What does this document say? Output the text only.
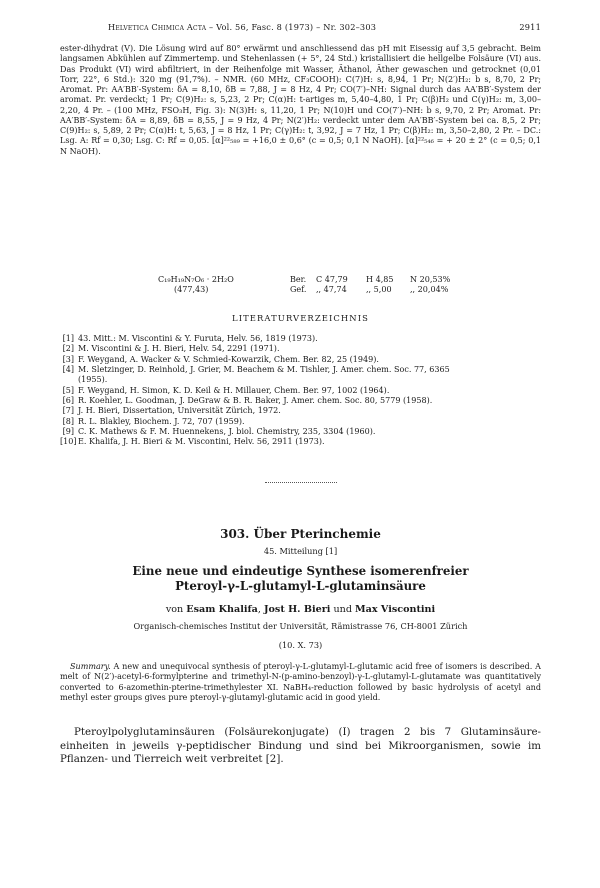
Helvetica Chimica Acta – Vol. 56, Fasc. 8 (1973) – Nr. 302–303	2911

ester-dihydrat (V). Die Lösung wird auf 80° erwärmt und anschliessend das pH mit Eisessig auf 3,5 gebracht. Beim langsamen Abkühlen auf Zimmertemp. und Stehenlassen (+ 5°, 24 Std.) kristallisiert die hellgelbe Folsäure (VI) aus. Das Produkt (VI) wird abfiltriert, in der Reihenfolge mit Wasser, Äthanol, Äther gewaschen und getrocknet (0,01 Torr, 22°, 6 Std.): 320 mg (91,7%). – NMR. (60 MHz, CF₃COOH): C(7)H: s, 8,94, 1 Pr; N(2′)H₂: b s, 8,70, 2 Pr; Aromat. Pr: AA′BB′-System: δA = 8,10, δB = 7,88, J = 8 Hz, 4 Pr; CO(7′)–NH: Signal durch das AA′BB′-System der aromat. Pr. verdeckt; 1 Pr; C(9)H₂: s, 5,23, 2 Pr; C(α)H: t-artiges m, 5,40–4,80, 1 Pr; C(β)H₂ und C(γ)H₂: m, 3,00–2,20, 4 Pr. – (100 MHz, FSO₃H, Fig. 3): N(3)H: s, 11,20, 1 Pr; N(10)H und CO(7′)–NH: b s, 9,70, 2 Pr; Aromat. Pr: AA′BB′-System: δA = 8,89, δB = 8,55, J = 9 Hz, 4 Pr; N(2′)H₂: verdeckt unter dem AA′BB′-System bei ca. 8,5, 2 Pr; C(9)H₂: s, 5,89, 2 Pr; C(α)H: t, 5,63, J = 8 Hz, 1 Pr; C(γ)H₂: t, 3,92, J = 7 Hz, 1 Pr; C(β)H₂: m, 3,50–2,80, 2 Pr. – DC.: Lsg. A: Rf = 0,30; Lsg. C: Rf = 0,05. [α]²²₅₈₉ = +16,0 ± 0,6° (c = 0,5; 0,1 N NaOH). [α]²²₅₄₆ = + 20 ± 2° (c = 0,5; 0,1 N NaOH).

C₁₉H₁₉N₇O₆ · 2H₂O	Ber. C 47,79 H 4,85 N 20,53%
(477,43)	Gef. ,, 47,74 ,, 5,00 ,, 20,04%
LITERATURVERZEICHNIS
[1] 43. Mitt.: M. Viscontini & Y. Furuta, Helv. 56, 1819 (1973).
[2] M. Viscontini & J. H. Bieri, Helv. 54, 2291 (1971).
[3] F. Weygand, A. Wacker & V. Schmied-Kowarzik, Chem. Ber. 82, 25 (1949).
[4] M. Sletzinger, D. Reinhold, J. Grier, M. Beachem & M. Tishler, J. Amer. chem. Soc. 77, 6365
(1955).
[5] F. Weygand, H. Simon, K. D. Keil & H. Millauer, Chem. Ber. 97, 1002 (1964).
[6] R. Koehler, L. Goodman, J. DeGraw & B. R. Baker, J. Amer. chem. Soc. 80, 5779 (1958).
[7] J. H. Bieri, Dissertation, Universität Zürich, 1972.
[8] R. L. Blakley, Biochem. J. 72, 707 (1959).
[9] C. K. Mathews & F. M. Huennekens, J. biol. Chemistry, 235, 3304 (1960).
[10] E. Khalifa, J. H. Bieri & M. Viscontini, Helv. 56, 2911 (1973).
303. Über Pterinchemie
45. Mitteilung [1]
Eine neue und eindeutige Synthese isomerenfreier
Pteroyl-γ-L-glutamyl-L-glutaminsäure
von Esam Khalifa, Jost H. Bieri und Max Viscontini
Organisch-chemisches Institut der Universität, Rämistrasse 76, CH-8001 Zürich
(10. X. 73)

Summary. A new and unequivocal synthesis of pteroyl-γ-L-glutamyl-L-glutamic acid free of isomers is described. A melt of N(2′)-acetyl-6-formylpterine and trimethyl-N-(p-amino-benzoyl)-γ-L-glutamyl-L-glutamate was quantitatively converted to 6-azomethin-pterine-trimethylester XI. NaBH₄-reduction followed by basic hydrolysis of acetyl and methyl ester groups gives pure pteroyl-γ-glutamyl-glutamic acid in good yield.

Pteroylpolyglutaminsäuren (Folsäurekonjugate) (I) tragen 2 bis 7 Glutaminsäure-einheiten in jeweils γ-peptidischer Bindung und sind bei Mikroorganismen, sowie im Pflanzen- und Tierreich weit verbreitet [2].
